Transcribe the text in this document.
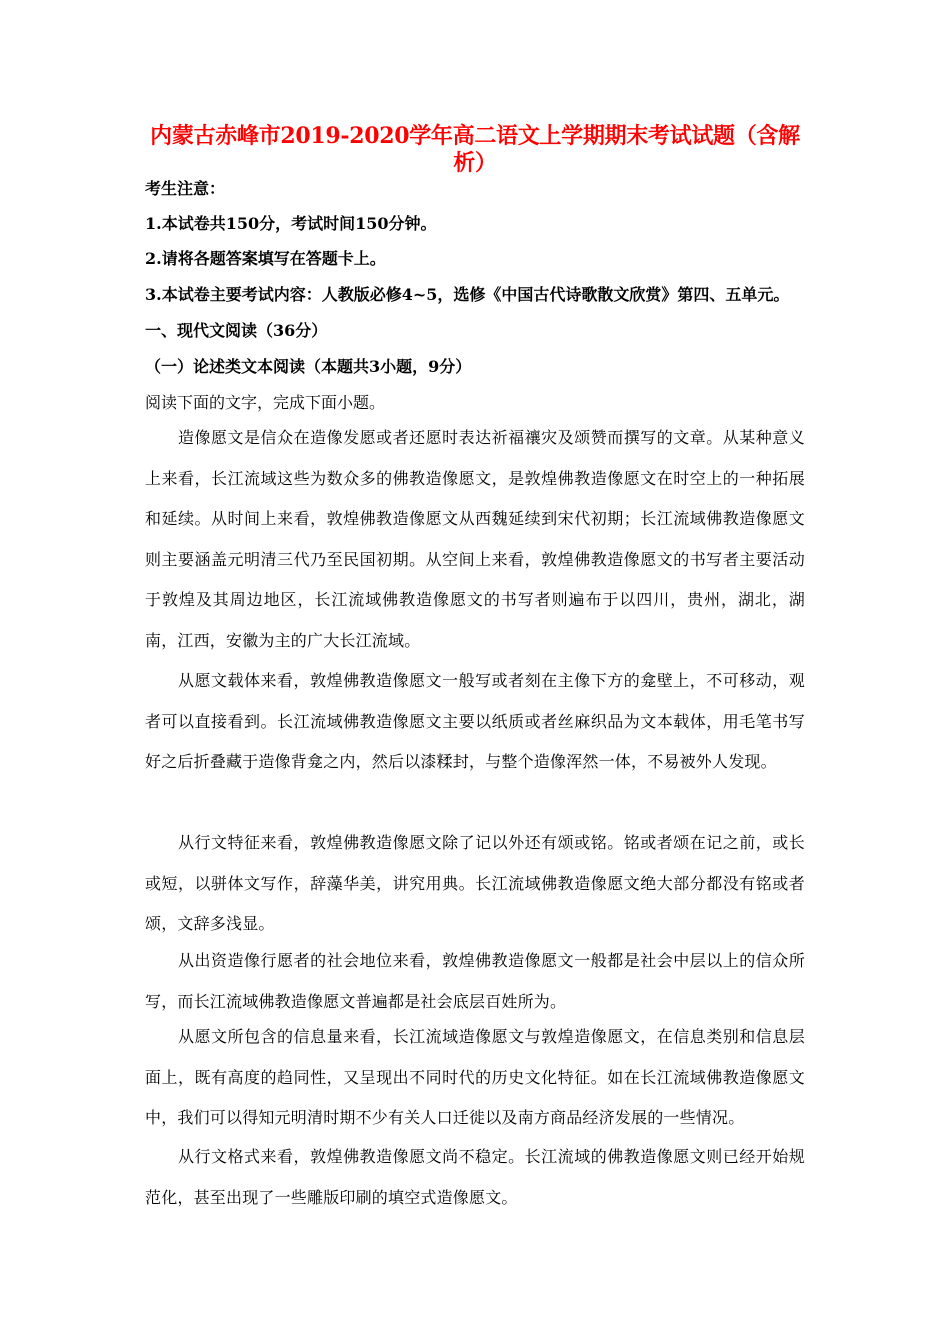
内蒙古赤峰市2019-2020学年高二语文上学期期末考试试题（含解析）
考生注意：
1.本试卷共150分，考试时间150分钟。
2.请将各题答案填写在答题卡上。
3.本试卷主要考试内容：人教版必修4~5，选修《中国古代诗歌散文欣赏》第四、五单元。
一、现代文阅读（36分）
（一）论述类文本阅读（本题共3小题，9分）
阅读下面的文字，完成下面小题。
造像愿文是信众在造像发愿或者还愿时表达祈福禳灾及颂赞而撰写的文章。从某种意义上来看，长江流域这些为数众多的佛教造像愿文，是敦煌佛教造像愿文在时空上的一种拓展和延续。从时间上来看，敦煌佛教造像愿文从西魏延续到宋代初期；长江流域佛教造像愿文则主要涵盖元明清三代乃至民国初期。从空间上来看，敦煌佛教造像愿文的书写者主要活动于敦煌及其周边地区，长江流域佛教造像愿文的书写者则遍布于以四川，贵州，湖北，湖南，江西，安徽为主的广大长江流域。
从愿文载体来看，敦煌佛教造像愿文一般写或者刻在主像下方的龛壁上，不可移动，观者可以直接看到。长江流域佛教造像愿文主要以纸质或者丝麻织品为文本载体，用毛笔书写好之后折叠藏于造像背龛之内，然后以漆糅封，与整个造像浑然一体，不易被外人发现。
从行文特征来看，敦煌佛教造像愿文除了记以外还有颂或铭。铭或者颂在记之前，或长或短，以骈体文写作，辞藻华美，讲究用典。长江流域佛教造像愿文绝大部分都没有铭或者颂，文辞多浅显。
从出资造像行愿者的社会地位来看，敦煌佛教造像愿文一般都是社会中层以上的信众所写，而长江流域佛教造像愿文普遍都是社会底层百姓所为。
从愿文所包含的信息量来看，长江流域造像愿文与敦煌造像愿文，在信息类别和信息层面上，既有高度的趋同性，又呈现出不同时代的历史文化特征。如在长江流域佛教造像愿文中，我们可以得知元明清时期不少有关人口迁徙以及南方商品经济发展的一些情况。
从行文格式来看，敦煌佛教造像愿文尚不稳定。长江流域的佛教造像愿文则已经开始规范化，甚至出现了一些雕版印刷的填空式造像愿文。
